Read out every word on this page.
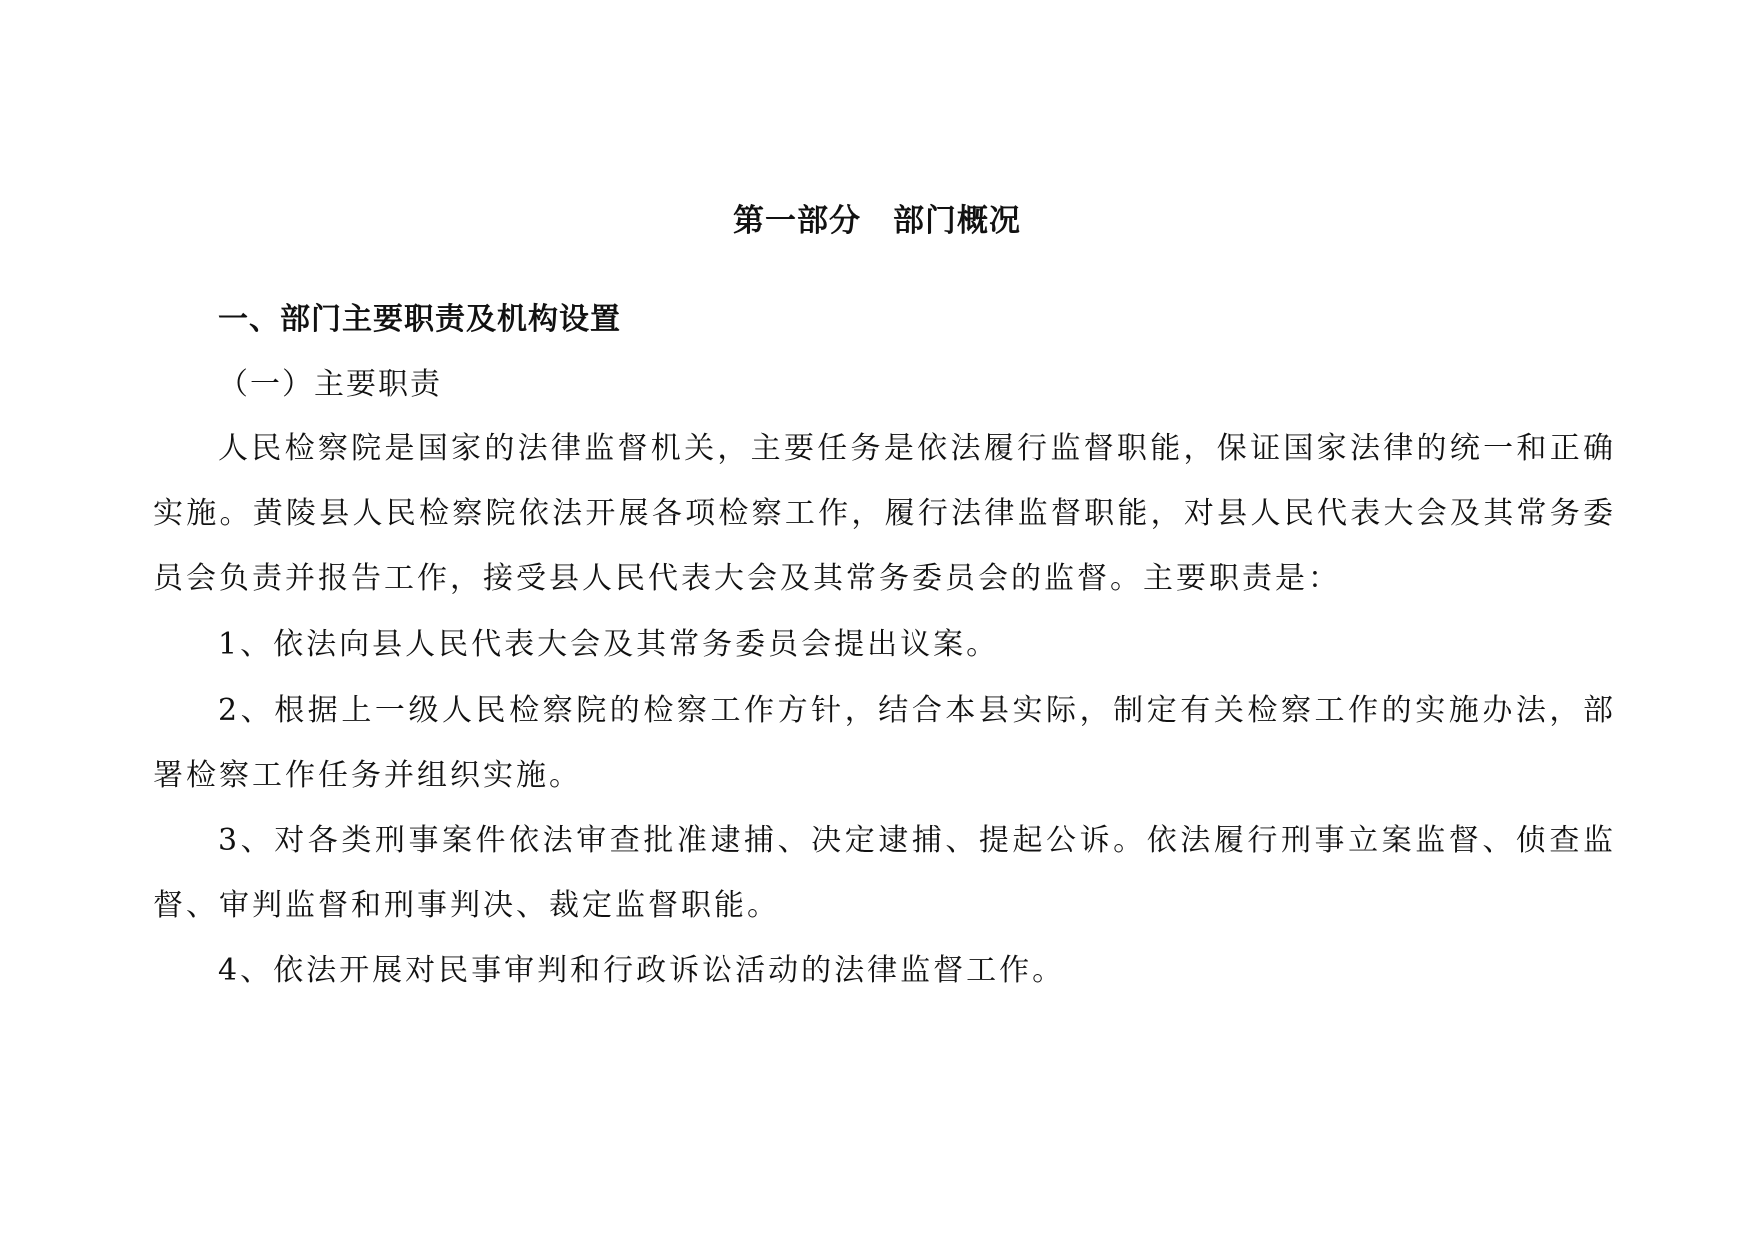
第一部分　部门概况
一、部门主要职责及机构设置
（一）主要职责
人民检察院是国家的法律监督机关，主要任务是依法履行监督职能，保证国家法律的统一和正确实施。黄陵县人民检察院依法开展各项检察工作，履行法律监督职能，对县人民代表大会及其常务委员会负责并报告工作，接受县人民代表大会及其常务委员会的监督。主要职责是：
1、依法向县人民代表大会及其常务委员会提出议案。
2、根据上一级人民检察院的检察工作方针，结合本县实际，制定有关检察工作的实施办法，部署检察工作任务并组织实施。
3、对各类刑事案件依法审查批准逮捕、决定逮捕、提起公诉。依法履行刑事立案监督、侦查监督、审判监督和刑事判决、裁定监督职能。
4、依法开展对民事审判和行政诉讼活动的法律监督工作。
